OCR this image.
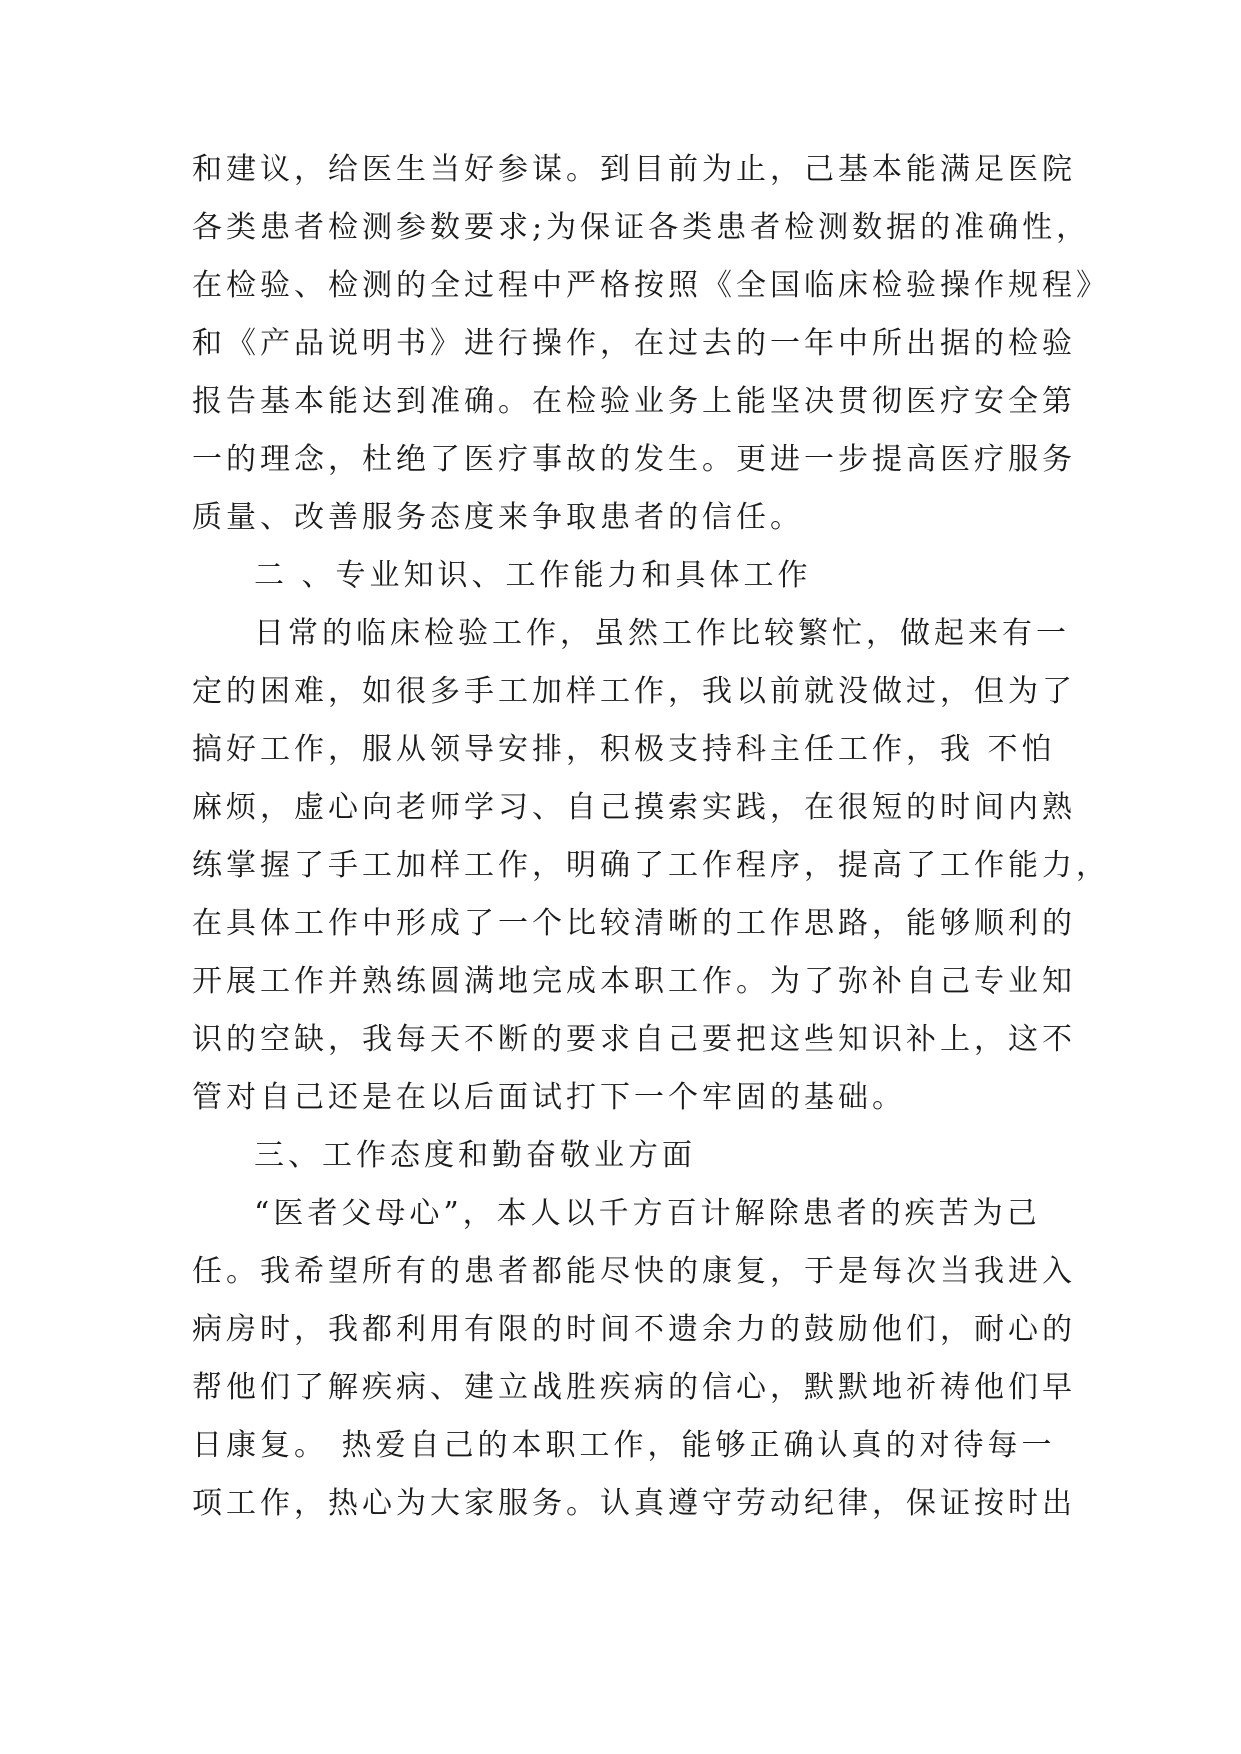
和建议，给医生当好参谋。到目前为止，己基本能满足医院
各类患者检测参数要求;为保证各类患者检测数据的准确性，
在检验、检测的全过程中严格按照《全国临床检验操作规程》
和《产品说明书》进行操作，在过去的一年中所出据的检验
报告基本能达到准确。在检验业务上能坚决贯彻医疗安全第
一的理念，杜绝了医疗事故的发生。更进一步提高医疗服务
质量、改善服务态度来争取患者的信任。
二 、专业知识、工作能力和具体工作
日常的临床检验工作，虽然工作比较繁忙，做起来有一
定的困难，如很多手工加样工作，我以前就没做过，但为了
搞好工作，服从领导安排，积极支持科主任工作，我 不怕
麻烦，虚心向老师学习、自己摸索实践，在很短的时间内熟
练掌握了手工加样工作，明确了工作程序，提高了工作能力，
在具体工作中形成了一个比较清晰的工作思路，能够顺利的
开展工作并熟练圆满地完成本职工作。为了弥补自己专业知
识的空缺，我每天不断的要求自己要把这些知识补上，这不
管对自己还是在以后面试打下一个牢固的基础。
三、工作态度和勤奋敬业方面
“医者父母心”，本人以千方百计解除患者的疾苦为己
任。我希望所有的患者都能尽快的康复，于是每次当我进入
病房时，我都利用有限的时间不遗余力的鼓励他们，耐心的
帮他们了解疾病、建立战胜疾病的信心，默默地祈祷他们早
日康复。 热爱自己的本职工作，能够正确认真的对待每一
项工作，热心为大家服务。认真遵守劳动纪律，保证按时出
